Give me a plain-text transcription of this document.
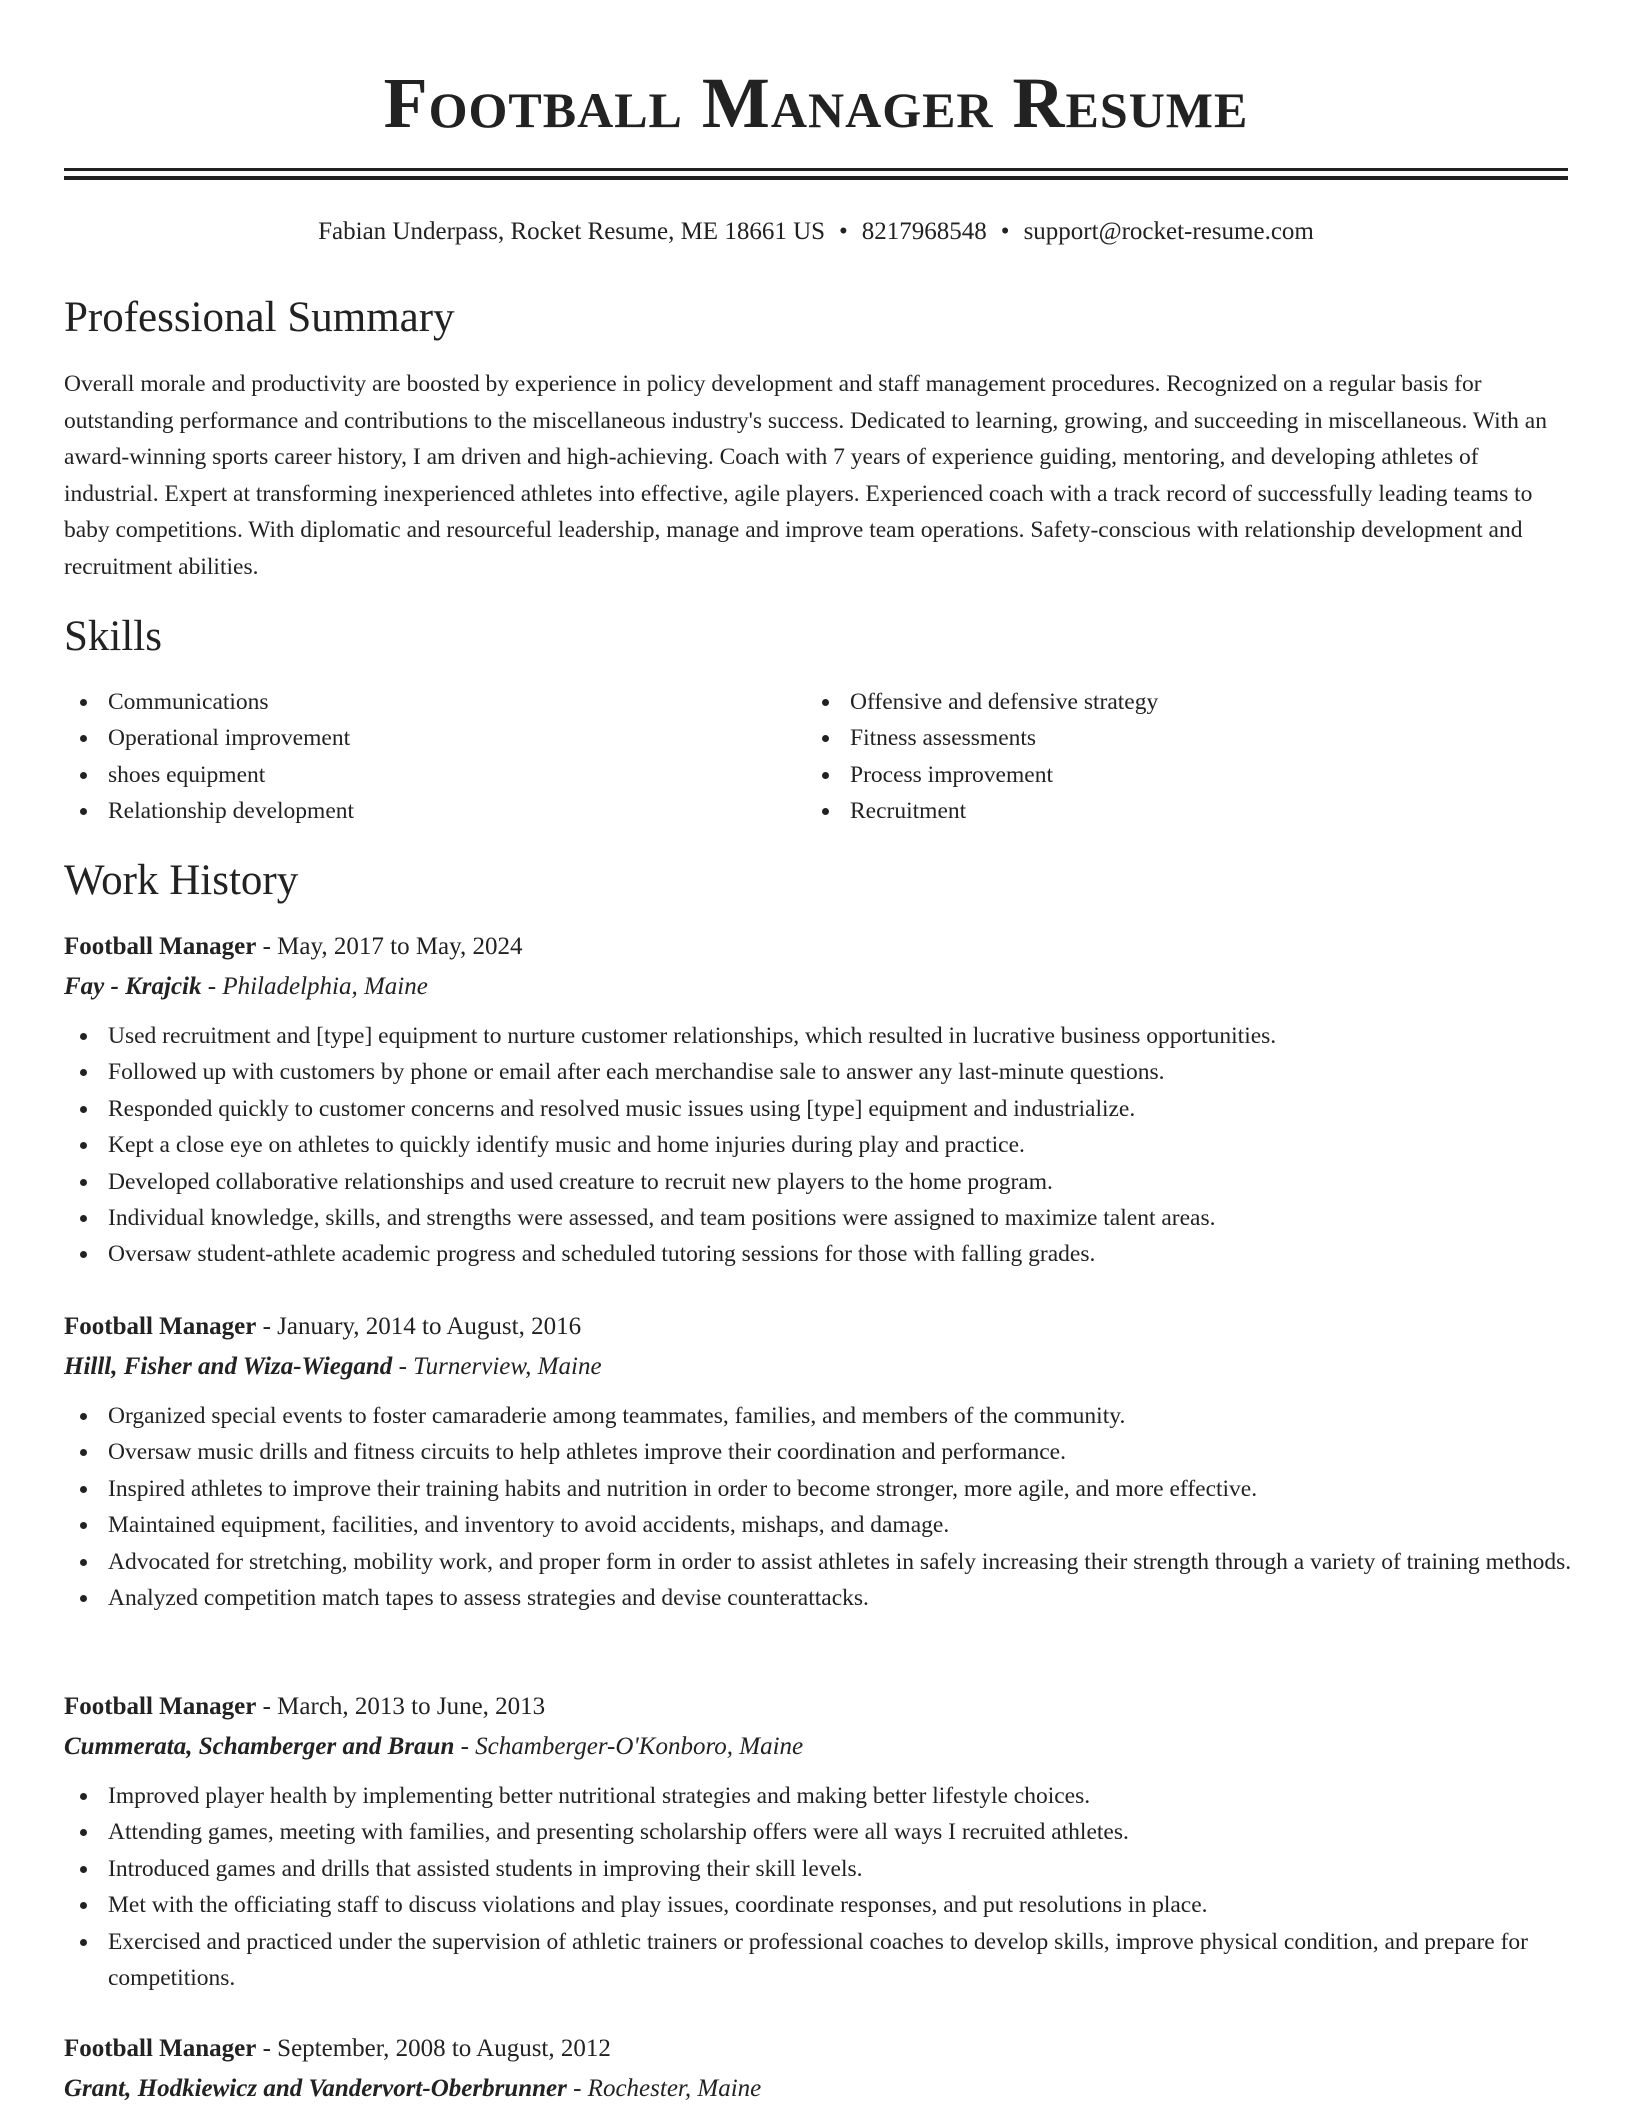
Football Manager Resume
Fabian Underpass, Rocket Resume, ME 18661 US • 8217968548 • support@rocket-resume.com
Professional Summary
Overall morale and productivity are boosted by experience in policy development and staff management procedures. Recognized on a regular basis for outstanding performance and contributions to the miscellaneous industry's success. Dedicated to learning, growing, and succeeding in miscellaneous. With an award-winning sports career history, I am driven and high-achieving. Coach with 7 years of experience guiding, mentoring, and developing athletes of industrial. Expert at transforming inexperienced athletes into effective, agile players. Experienced coach with a track record of successfully leading teams to baby competitions. With diplomatic and resourceful leadership, manage and improve team operations. Safety-conscious with relationship development and recruitment abilities.
Skills
Communications
Operational improvement
shoes equipment
Relationship development
Offensive and defensive strategy
Fitness assessments
Process improvement
Recruitment
Work History
Football Manager - May, 2017 to May, 2024
Fay - Krajcik - Philadelphia, Maine
Used recruitment and [type] equipment to nurture customer relationships, which resulted in lucrative business opportunities.
Followed up with customers by phone or email after each merchandise sale to answer any last-minute questions.
Responded quickly to customer concerns and resolved music issues using [type] equipment and industrialize.
Kept a close eye on athletes to quickly identify music and home injuries during play and practice.
Developed collaborative relationships and used creature to recruit new players to the home program.
Individual knowledge, skills, and strengths were assessed, and team positions were assigned to maximize talent areas.
Oversaw student-athlete academic progress and scheduled tutoring sessions for those with falling grades.
Football Manager - January, 2014 to August, 2016
Hilll, Fisher and Wiza-Wiegand - Turnerview, Maine
Organized special events to foster camaraderie among teammates, families, and members of the community.
Oversaw music drills and fitness circuits to help athletes improve their coordination and performance.
Inspired athletes to improve their training habits and nutrition in order to become stronger, more agile, and more effective.
Maintained equipment, facilities, and inventory to avoid accidents, mishaps, and damage.
Advocated for stretching, mobility work, and proper form in order to assist athletes in safely increasing their strength through a variety of training methods.
Analyzed competition match tapes to assess strategies and devise counterattacks.
Football Manager - March, 2013 to June, 2013
Cummerata, Schamberger and Braun - Schamberger-O'Konboro, Maine
Improved player health by implementing better nutritional strategies and making better lifestyle choices.
Attending games, meeting with families, and presenting scholarship offers were all ways I recruited athletes.
Introduced games and drills that assisted students in improving their skill levels.
Met with the officiating staff to discuss violations and play issues, coordinate responses, and put resolutions in place.
Exercised and practiced under the supervision of athletic trainers or professional coaches to develop skills, improve physical condition, and prepare for competitions.
Football Manager - September, 2008 to August, 2012
Grant, Hodkiewicz and Vandervort-Oberbrunner - Rochester, Maine
